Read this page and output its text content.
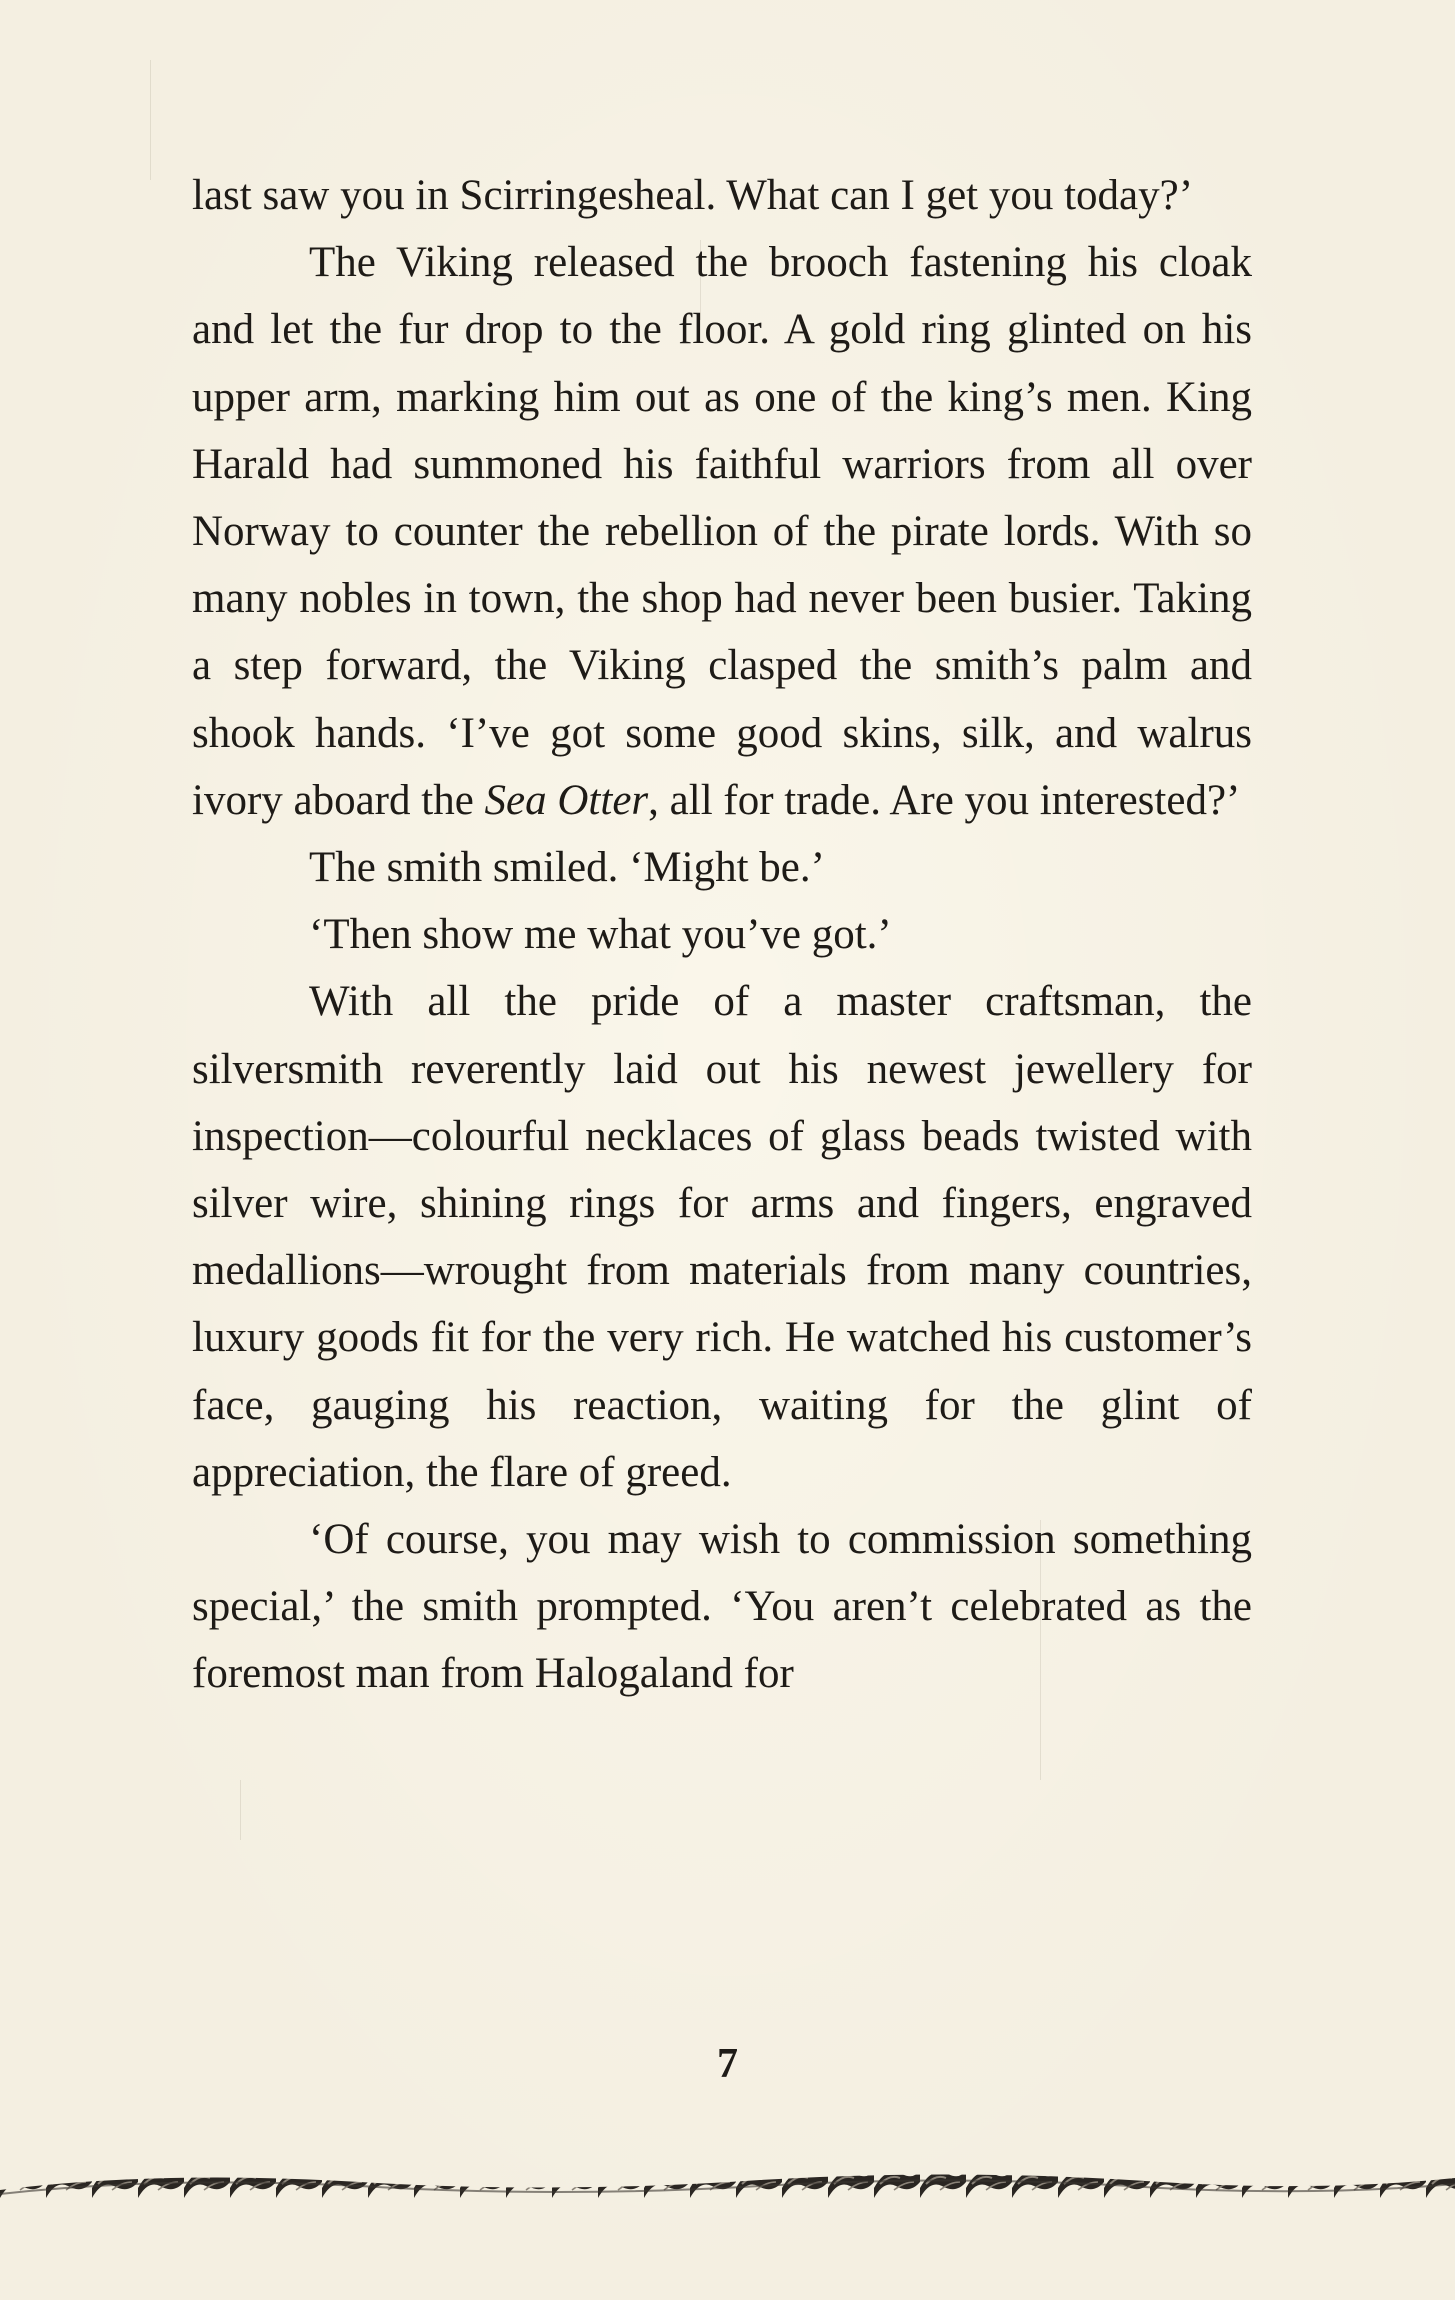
last saw you in Scirringesheal. What can I get you today?’

The Viking released the brooch fastening his cloak and let the fur drop to the floor. A gold ring glinted on his upper arm, marking him out as one of the king’s men. King Harald had summoned his faithful warriors from all over Norway to counter the rebellion of the pirate lords. With so many nobles in town, the shop had never been busier. Taking a step forward, the Viking clasped the smith’s palm and shook hands. ‘I’ve got some good skins, silk, and walrus ivory aboard the Sea Otter, all for trade. Are you interested?’

The smith smiled. ‘Might be.’

‘Then show me what you’ve got.’

With all the pride of a master craftsman, the silversmith reverently laid out his newest jewellery for inspection—colourful necklaces of glass beads twisted with silver wire, shining rings for arms and fingers, engraved medallions—wrought from materials from many countries, luxury goods fit for the very rich. He watched his customer’s face, gauging his reaction, waiting for the glint of appreciation, the flare of greed.

‘Of course, you may wish to commission something special,’ the smith prompted. ‘You aren’t celebrated as the foremost man from Halogaland for

7
